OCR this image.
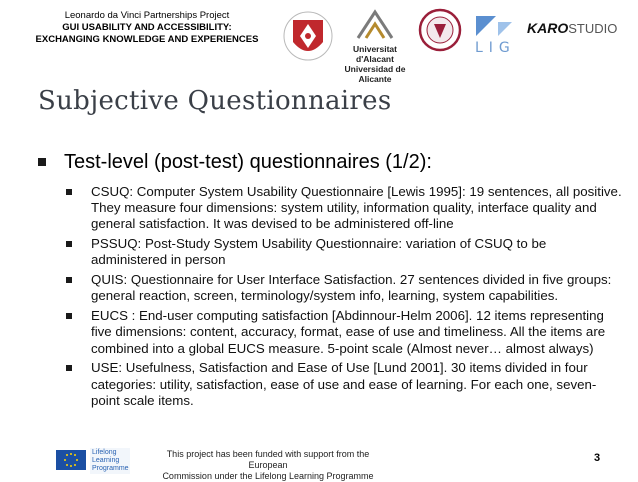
Leonardo da Vinci Partnerships Project
GUI USABILITY AND ACCESSIBILITY:
EXCHANGING KNOWLEDGE AND EXPERIENCES
Universitat d'Alacant
Universidad de Alicante
LIG
KAROSTUDIO
Subjective Questionnaires
Test-level (post-test) questionnaires (1/2):
CSUQ: Computer System Usability Questionnaire [Lewis 1995]: 19 sentences, all positive. They measure four dimensions: system utility, information quality, interface quality and general satisfaction. It was devised to be administered off-line
PSSUQ: Post-Study System Usability Questionnaire: variation of CSUQ to be administered in person
QUIS: Questionnaire for User Interface Satisfaction. 27 sentences divided in five groups: general reaction, screen, terminology/system info, learning, system capabilities.
EUCS : End-user computing satisfaction [Abdinnour-Helm 2006]. 12 items representing five dimensions: content, accuracy, format, ease of use and timeliness. All the items are combined into a global EUCS measure. 5-point scale (Almost never… almost always)
USE: Usefulness, Satisfaction and Ease of Use [Lund 2001]. 30 items divided in four categories: utility, satisfaction, ease of use and ease of learning. For each one, seven-point scale items.
Lifelong
Learning
Programme
This project has been funded with support from the European
Commission under the Lifelong Learning Programme
3
